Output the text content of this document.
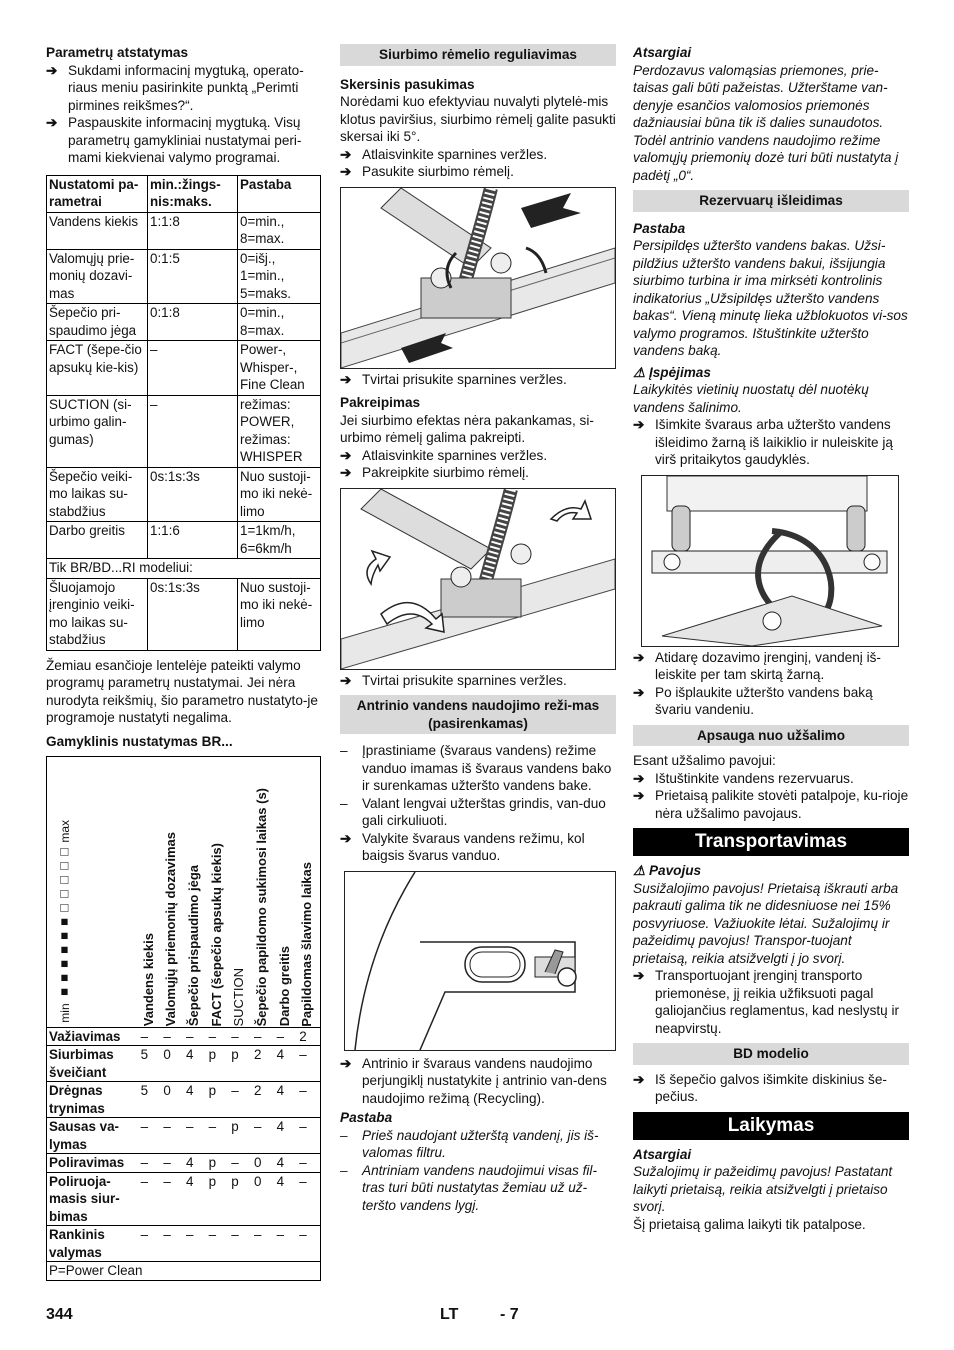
Parametrų atstatymas

➔ Sukdami informacinį mygtuką, operato-riaus meniu pasirinkite punktą „Perimti pirmines reikšmes?“.
➔ Paspauskite informacinį mygtuką. Visų parametrų gamykliniai nustatymai peri-mami kiekvienai valymo programai.
Nustatomi pa-rametrai	min.:žings-nis:maks.	Pastaba
Vandens kiekis	1:1:8	0=min., 8=max.
Valomųjų prie-monių dozavi-mas	0:1:5	0=išj., 1=min., 5=maks.
Šepečio pri-spaudimo jėga	0:1:8	0=min., 8=max.
FACT (šepe-čio apsukų kie-kis)	–	Power-, Whisper-, Fine Clean
SUCTION (si-urbimo galin-gumas)	–	režimas: POWER, režimas: WHISPER
Šepečio veiki-mo laikas su-stabdžius	0s:1s:3s	Nuo sustoji-mo iki nekė-limo
Darbo greitis	1:1:6	1=1km/h, 6=6km/h
Tik BR/BD...RI modeliui:		
Šluojamojo įrenginio veiki-mo laikas su-stabdžius	0s:1s:3s	Nuo sustoji-mo iki nekė-limo

Žemiau esančioje lentelėje pateikti valymo programų parametrų nustatymai. Jei nėra nurodyta reikšmių, šio parametro nustatyto-je programoje nustatyti negalima.

Gamyklinis nustatymas BR...

min ■■■■■■□□□□□ max	Vandens kiekis	Valomųjų priemonių dozavimas	Šepečio prispaudimo jėga	FACT (šepečio apsukų kiekis)	SUCTION	Šepečio papildomo sukimosi laikas (s)	Darbo greitis	Papildomas šlavimo laikas

Važiavimas	–	–	–	–	–	–	–	2
Siurbimas šveičiant	5	0	4	p	p	2	4	–
Drėgnas trynimas	5	0	4	p	–	2	4	–
Sausas va-lymas	–	–	–	–	p	–	4	–
Poliravimas	–	–	4	p	–	0	4	–
Poliruoja-masis siur-bimas	–	–	4	p	p	0	4	–
Rankinis valymas	–	–	–	–	–	–	–	–
P=Power Clean								
Siurbimo rėmelio reguliavimas

Skersinis pasukimas

Norėdami kuo efektyviau nuvalyti plytelė-mis klotus paviršius, siurbimo rėmelį galite pasukti skersai iki 5°.

➔ Atlaisvinkite sparnines veržles.
➔ Pasukite siurbimo rėmelį.
➔ Tvirtai prisukite sparnines veržles.

Pakreipimas

Jei siurbimo efektas nėra pakankamas, si-urbimo rėmelį galima pakreipti.

➔ Atlaisvinkite sparnines veržles.
➔ Pakreipkite siurbimo rėmelį.
➔ Tvirtai prisukite sparnines veržles.
Antrinio vandens naudojimo reži-mas (pasirenkamas)
–	Įprastiniame (švaraus vandens) režime vanduo imamas iš švaraus vandens bako ir surenkamas užteršto vandens bake.
–	Valant lengvai užterštas grindis, van-duo gali cirkuliuoti.
➔ Valykite švaraus vandens režimu, kol baigsis švarus vanduo.
➔ Antrinio ir švaraus vandens naudojimo perjungiklį nustatykite į antrinio van-dens naudojimo režimą (Recycling).

Pastaba

–	Prieš naudojant užterštą vandenį, jis iš-valomas filtru.
–	Antriniam vandens naudojimui visas fil-tras turi būti nustatytas žemiau už už-teršto vandens lygį.

Atsargiai

Perdozavus valomąsias priemones, prie-taisas gali būti pažeistas. Užterštame van-denyje esančios valomosios priemonės dažniausiai būna tik iš dalies sunaudotos. Todėl antrinio vandens naudojimo režime valomųjų priemonių dozė turi būti nustatyta į padėtį „0“.

Rezervuarų išleidimas

Pastaba

Persipildęs užteršto vandens bakas. Užsi-pildžius užteršto vandens bakui, išsijungia siurbimo turbina ir ima mirksėti kontrolinis indikatorius „Užsipildęs užteršto vandens bakas“. Vieną minutę lieka užblokuotos vi-sos valymo programos. Ištuštinkite užteršto vandens baką.

⚠ Įspėjimas

Laikykitės vietinių nuostatų dėl nuotėkų vandens šalinimo.

➔ Išimkite švaraus arba užteršto vandens išleidimo žarną iš laikiklio ir nuleiskite ją virš pritaikytos gaudyklės.
➔ Atidarę dozavimo įrenginį, vandenį iš-leiskite per tam skirtą žarną.
➔ Po išplaukite užteršto vandens baką švariu vandeniu.
Apsauga nuo užšalimo

Esant užšalimo pavojui:

➔ Ištuštinkite vandens rezervuarus.
➔ Prietaisą palikite stovėti patalpoje, ku-rioje nėra užšalimo pavojaus.
Transportavimas

⚠ Pavojus

Susižalojimo pavojus! Prietaisą iškrauti arba pakrauti galima tik ne didesniuose nei 15% posvyriuose. Važiuokite lėtai. Sužalojimų ir pažeidimų pavojus! Transpor-tuojant prietaisą, reikia atsižvelgti į jo svorį.

➔ Transportuojant įrenginį transporto priemonėse, jį reikia užfiksuoti pagal galiojančius reglamentus, kad neslystų ir neapvirstų.
BD modelio
➔ Iš šepečio galvos išimkite diskinius še-pečius.
Laikymas

Atsargiai

Sužalojimų ir pažeidimų pavojus! Pastatant laikyti prietaisą, reikia atsižvelgti į prietaiso svorį.

Šį prietaisą galima laikyti tik patalpose.

344	LT	- 7
